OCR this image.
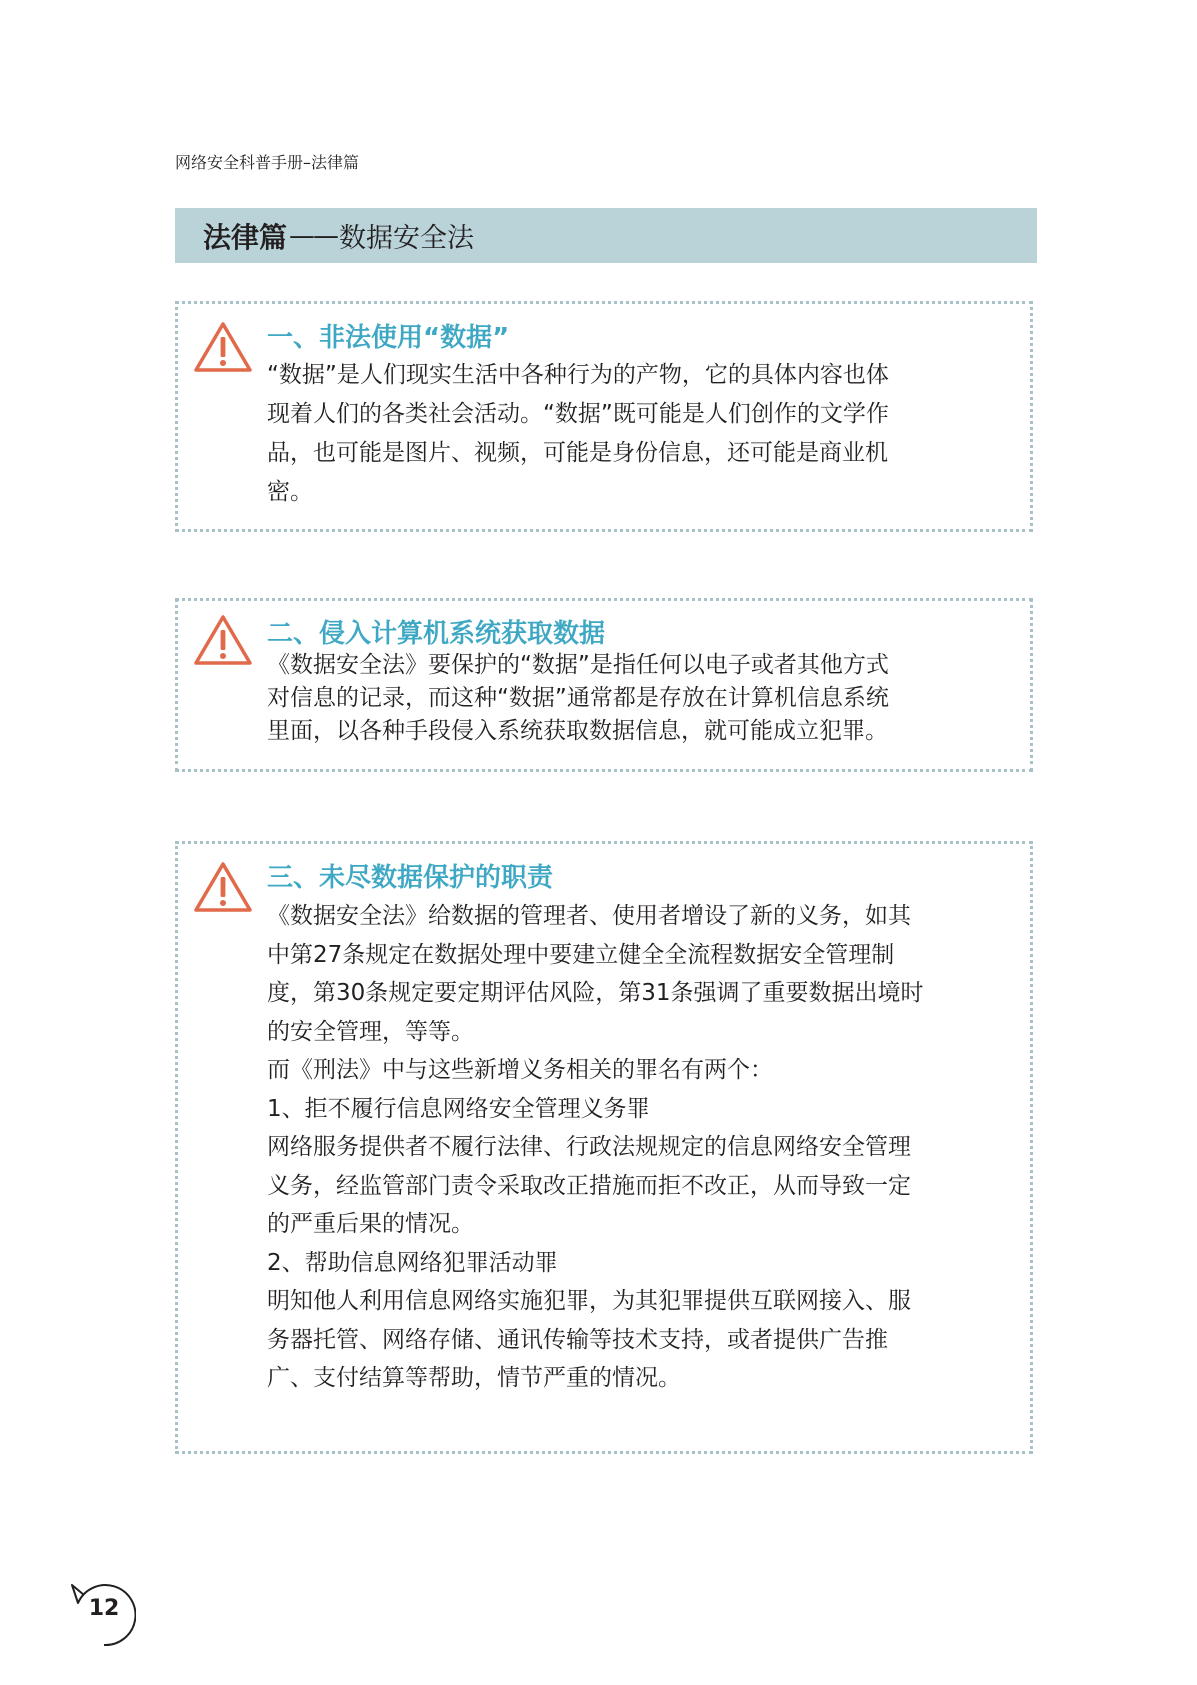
网络安全科普手册–法律篇
法律篇 —— 数据安全法
一、非法使用“数据”
“数据”是人们现实生活中各种行为的产物，它的具体内容也体
现着人们的各类社会活动。“数据”既可能是人们创作的文学作
品，也可能是图片、视频，可能是身份信息，还可能是商业机
密。
二、侵入计算机系统获取数据
《数据安全法》要保护的“数据”是指任何以电子或者其他方式
对信息的记录，而这种“数据”通常都是存放在计算机信息系统
里面，以各种手段侵入系统获取数据信息，就可能成立犯罪。
三、未尽数据保护的职责
《数据安全法》给数据的管理者、使用者增设了新的义务，如其
中第27条规定在数据处理中要建立健全全流程数据安全管理制
度，第30条规定要定期评估风险，第31条强调了重要数据出境时
的安全管理，等等。
而《刑法》中与这些新增义务相关的罪名有两个：
1、拒不履行信息网络安全管理义务罪
网络服务提供者不履行法律、行政法规规定的信息网络安全管理
义务，经监管部门责令采取改正措施而拒不改正，从而导致一定
的严重后果的情况。
2、帮助信息网络犯罪活动罪
明知他人利用信息网络实施犯罪，为其犯罪提供互联网接入、服
务器托管、网络存储、通讯传输等技术支持，或者提供广告推
广、支付结算等帮助，情节严重的情况。
12
